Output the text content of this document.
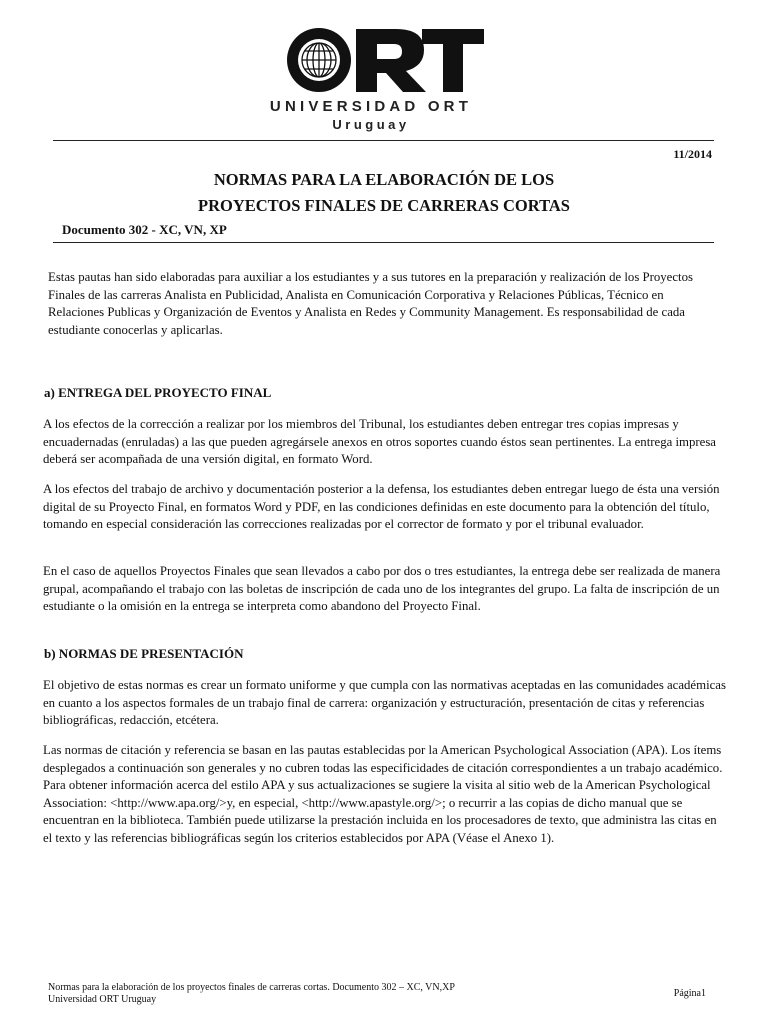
ORT
UNIVERSIDAD ORT
Uruguay
11/2014
NORMAS PARA LA ELABORACIÓN DE LOS
PROYECTOS FINALES DE CARRERAS CORTAS
Documento 302 - XC, VN, XP

Estas pautas han sido elaboradas para auxiliar a los estudiantes y a sus tutores en la preparación y realización de los Proyectos Finales de las carreras Analista en Publicidad, Analista en Comunicación Corporativa y Relaciones Públicas, Técnico en Relaciones Publicas y Organización de Eventos y Analista en Redes y Community Management. Es responsabilidad de cada estudiante conocerlas y aplicarlas.

a) ENTREGA DEL PROYECTO FINAL

A los efectos de la corrección a realizar por los miembros del Tribunal, los estudiantes deben entregar tres copias impresas y encuadernadas (enruladas) a las que pueden agregársele anexos en otros soportes cuando éstos sean pertinentes. La entrega impresa deberá ser acompañada de una versión digital, en formato Word.

A los efectos del trabajo de archivo y documentación posterior a la defensa, los estudiantes deben entregar luego de ésta una versión digital de su Proyecto Final, en formatos Word y PDF, en las condiciones definidas en este documento para la obtención del título, tomando en especial consideración las correcciones realizadas por el corrector de formato y por el tribunal evaluador.

En el caso de aquellos Proyectos Finales que sean llevados a cabo por dos o tres estudiantes, la entrega debe ser realizada de manera grupal, acompañando el trabajo con las boletas de inscripción de cada uno de los integrantes del grupo. La falta de inscripción de un estudiante o la omisión en la entrega se interpreta como abandono del Proyecto Final.

b) NORMAS DE PRESENTACIÓN

El objetivo de estas normas es crear un formato uniforme y que cumpla con las normativas aceptadas en las comunidades académicas en cuanto a los aspectos formales de un trabajo final de carrera: organización y estructuración, presentación de citas y referencias bibliográficas, redacción, etcétera.

Las normas de citación y referencia se basan en las pautas establecidas por la American Psychological Association (APA). Los ítems desplegados a continuación son generales y no cubren todas las especificidades de citación correspondientes a un trabajo académico. Para obtener información acerca del estilo APA y sus actualizaciones se sugiere la visita al sitio web de la American Psychological Association: <http://www.apa.org/>y, en especial, <http://www.apastyle.org/>; o recurrir a las copias de dicho manual que se encuentran en la biblioteca. También puede utilizarse la prestación incluida en los procesadores de texto, que administra las citas en el texto y las referencias bibliográficas según los criterios establecidos por APA (Véase el Anexo 1).

Normas para la elaboración de los proyectos finales de carreras cortas. Documento 302 – XC, VN,XP
Universidad ORT Uruguay
Página1
